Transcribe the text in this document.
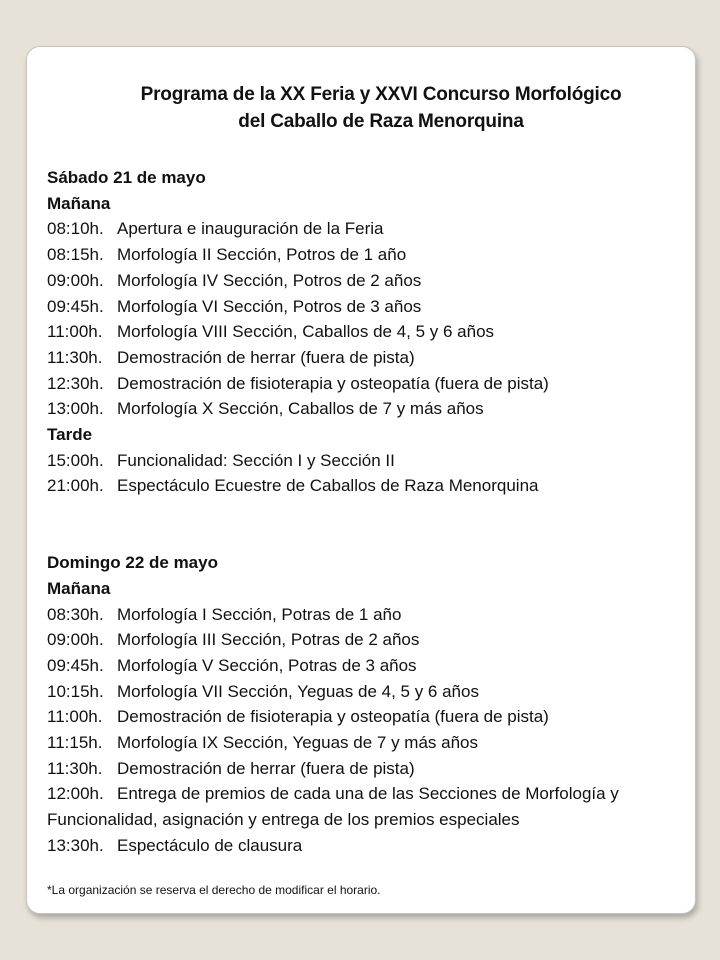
Programa de la XX Feria y XXVI Concurso Morfológico
del Caballo de Raza Menorquina
Sábado 21 de mayo
Mañana
08:10h. Apertura e inauguración de la Feria
08:15h. Morfología II Sección, Potros de 1 año
09:00h. Morfología IV Sección, Potros de 2 años
09:45h. Morfología VI Sección, Potros de 3 años
11:00h. Morfología VIII Sección, Caballos de 4, 5 y 6 años
11:30h. Demostración de herrar (fuera de pista)
12:30h. Demostración de fisioterapia y osteopatía (fuera de pista)
13:00h. Morfología X Sección, Caballos de 7 y más años
Tarde
15:00h. Funcionalidad: Sección I y Sección II
21:00h. Espectáculo Ecuestre de Caballos de Raza Menorquina
Domingo 22 de mayo
Mañana
08:30h. Morfología I Sección, Potras de 1 año
09:00h. Morfología III Sección, Potras de 2 años
09:45h. Morfología V Sección, Potras de 3 años
10:15h. Morfología VII Sección, Yeguas de 4, 5 y 6 años
11:00h. Demostración de fisioterapia y osteopatía (fuera de pista)
11:15h. Morfología IX Sección, Yeguas de 7 y más años
11:30h. Demostración de herrar (fuera de pista)
12:00h. Entrega de premios de cada una de las Secciones de Morfología y
Funcionalidad, asignación y entrega de los premios especiales
13:30h. Espectáculo de clausura
*La organización se reserva el derecho de modificar el horario.
